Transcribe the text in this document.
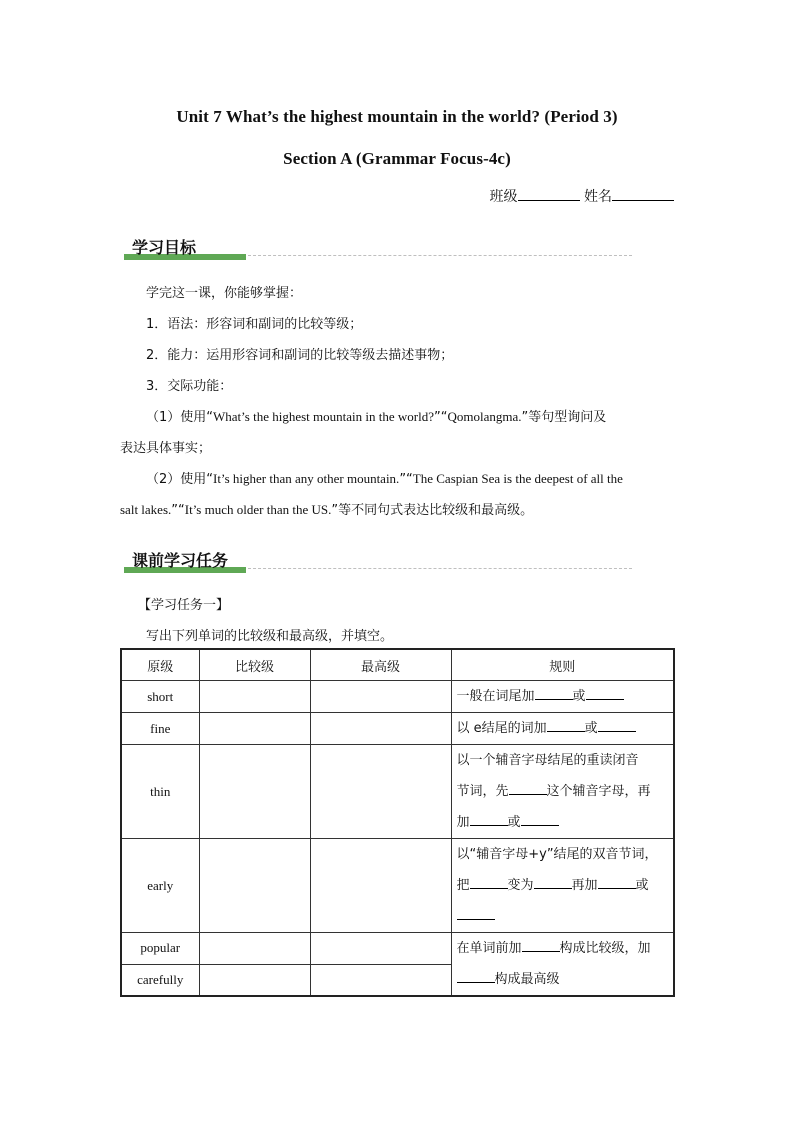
Unit 7 What’s the highest mountain in the world? (Period 3)
Section A (Grammar Focus-4c)
班级	姓名
学习目标
学完这一课，你能够掌握：
1．语法：形容词和副词的比较等级；
2．能力：运用形容词和副词的比较等级去描述事物；
3．交际功能：
（1）使用“What’s the highest mountain in the world?”“Qomolangma.”等句型询问及
表达具体事实；
（2）使用“It’s higher than any other mountain.”“The Caspian Sea is the deepest of all the
salt lakes.”“It’s much older than the US.”等不同句式表达比较级和最高级。
课前学习任务
【学习任务一】
写出下列单词的比较级和最高级，并填空。
原级	比较级	最高级	规则
short			一般在词尾加 或
fine			以 e结尾的词加 或
thin			以一个辅音字母结尾的重读闭音
节词，先 这个辅音字母，再
加 或
early			以“辅音字母+y”结尾的双音节词，
把 变为 再加 或

popular			在单词前加 构成比较级，加
构成最高级
carefully			
